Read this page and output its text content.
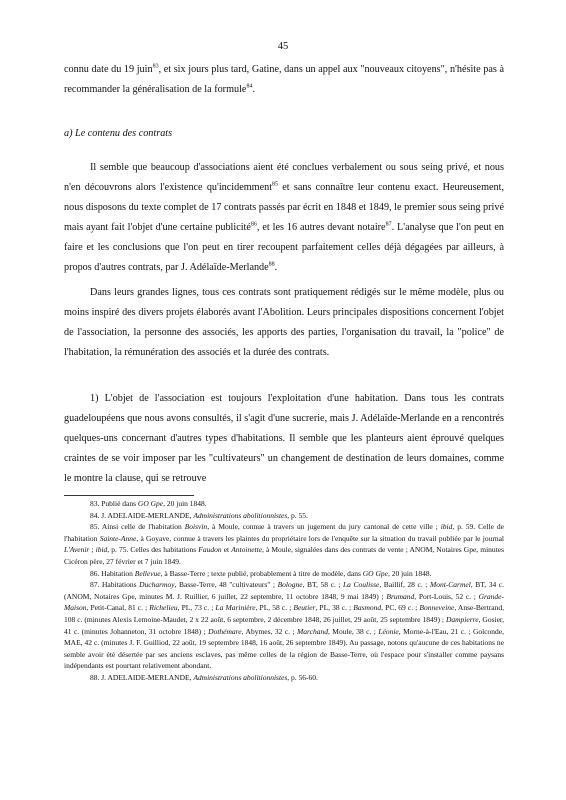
45

connu date du 19 juin$^{83}$, et six jours plus tard, Gatine, dans un appel aux "nouveaux citoyens", n'hésite pas à recommander la généralisation de la formule$^{84}$.

a) Le contenu des contrats

Il semble que beaucoup d'associations aient été conclues verbalement ou sous seing privé, et nous n'en découvrons alors l'existence qu'incidemment$^{85}$ et sans connaître leur contenu exact. Heureusement, nous disposons du texte complet de 17 contrats passés par écrit en 1848 et 1849, le premier sous seing privé mais ayant fait l'objet d'une certaine publicité$^{86}$, et les 16 autres devant notaire$^{87}$. L'analyse que l'on peut en faire et les conclusions que l'on peut en tirer recoupent parfaitement celles déjà dégagées par ailleurs, à propos d'autres contrats, par J. Adélaïde-Merlande$^{88}$.

Dans leurs grandes lignes, tous ces contrats sont pratiquement rédigés sur le même modèle, plus ou moins inspiré des divers projets élaborés avant l'Abolition. Leurs principales dispositions concernent l'objet de l'association, la personne des associés, les apports des parties, l'organisation du travail, la "police" de l'habitation, la rémunération des associés et la durée des contrats.

1) L'objet de l'association est toujours l'exploitation d'une habitation. Dans tous les contrats guadeloupéens que nous avons consultés, il s'agit d'une sucrerie, mais J. Adélaïde-Merlande en a rencontrés quelques-uns concernant d'autres types d'habitations. Il semble que les planteurs aient éprouvé quelques craintes de se voir imposer par les "cultivateurs" un changement de destination de leurs domaines, comme le montre la clause, qui se retrouve

83. Publié dans GO Gpe, 20 juin 1848.

84. J. ADELAIDE-MERLANDE, Administrations abolitionnistes, p. 55.

85. Ainsi celle de l'habitation Boisvin, à Moule, connue à travers un jugement du jury cantonal de cette ville ; ibid, p. 59. Celle de l'habitation Sainte-Anne, à Goyave, connue à travers les plaintes du propriétaire lors de l'enquête sur la situation du travail publiée par le journal L'Avenir ; ibid, p. 75. Celles des habitations Faudon et Antoinette, à Moule, signalées dans des contrats de vente ; ANOM, Notaires Gpe, minutes Cicéron père, 27 février et 7 juin 1849.

86. Habitation Bellevue, à Basse-Terre ; texte publié, probablement à titre de modèle, dans GO Gpe, 20 juin 1848.

87. Habitations Ducharmoy, Basse-Terre, 48 "cultivateurs" ; Bologne, BT, 58 c. ; La Coulisse, Baillif, 28 c. ; Mont-Carmel, BT, 34 c. (ANOM, Notaires Gpe, minutes M. J. Ruillier, 6 juillet, 22 septembre, 11 octobre 1848, 9 mai 1849) ; Brumand, Port-Louis, 52 c. ; Grande-Maison, Petit-Canal, 81 c. ; Richelieu, PL, 73 c. ; La Marinière, PL, 58 c. ; Beutier, PL, 38 c. ; Basmond, PC, 69 c. ; Bonneveine, Anse-Bertrand, 108 c. (minutes Alexis Lemoine-Maudet, 2 x 22 août, 6 septembre, 2 décembre 1848, 26 juillet, 29 août, 25 septembre 1849) ; Dampierre, Gosier, 41 c. (minutes Johanneton, 31 octobre 1848) ; Dothémare, Abymes, 32 c. ; Marchand, Moule, 38 c. ; Léonie, Morne-à-l'Eau, 21 c. ; Golconde, MAE, 42 c. (minutes J. F. Guilliod, 22 août, 19 septembre 1848, 16 août, 26 septembre 1849). Au passage, notons qu'aucune de ces habitations ne semble avoir été désertée par ses anciens esclaves, pas même celles de la région de Basse-Terre, où l'espace pour s'installer comme paysans indépendants est pourtant relativement abondant.

88. J. ADELAIDE-MERLANDE, Administrations abolitionnistes, p. 56-60.
